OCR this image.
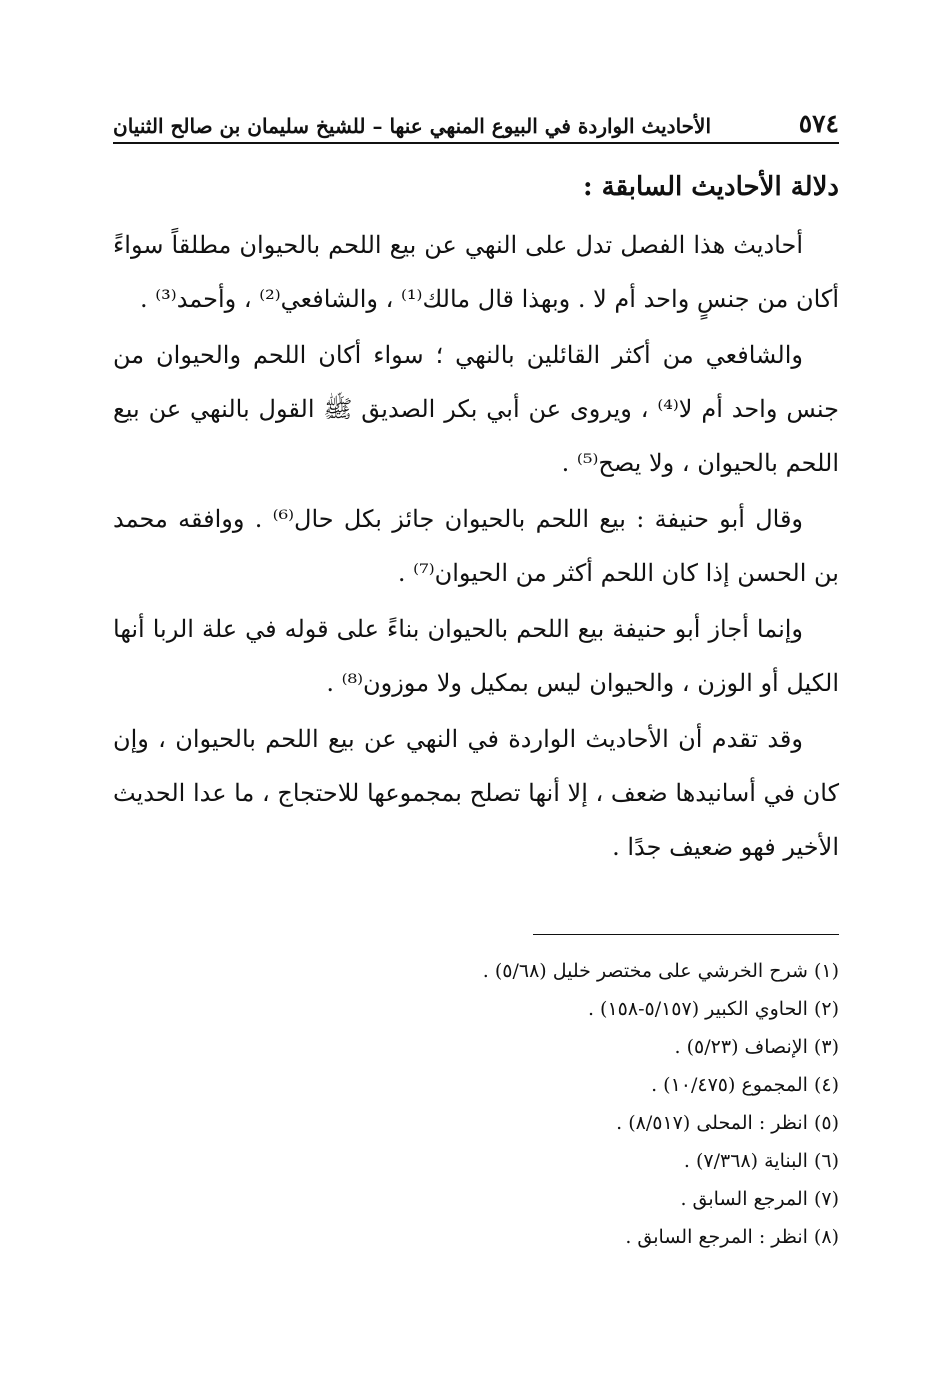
٥٧٤
الأحاديث الواردة في البيوع المنهي عنها – للشيخ سليمان بن صالح الثنيان
دلالة الأحاديث السابقة :

أحاديث هذا الفصل تدل على النهي عن بيع اللحم بالحيوان مطلقاً سواءً أكان من جنسٍ واحد أم لا . وبهذا قال مالك⁽¹⁾ ، والشافعي⁽²⁾ ، وأحمد⁽³⁾ .

والشافعي من أكثر القائلين بالنهي ؛ سواء أكان اللحم والحيوان من جنس واحد أم لا⁽⁴⁾ ، ويروى عن أبي بكر الصديق ﷺ القول بالنهي عن بيع اللحم بالحيوان ، ولا يصح⁽⁵⁾ .

وقال أبو حنيفة : بيع اللحم بالحيوان جائز بكل حال⁽⁶⁾ . ووافقه محمد بن الحسن إذا كان اللحم أكثر من الحيوان⁽⁷⁾ .

وإنما أجاز أبو حنيفة بيع اللحم بالحيوان بناءً على قوله في علة الربا أنها الكيل أو الوزن ، والحيوان ليس بمكيل ولا موزون⁽⁸⁾ .

وقد تقدم أن الأحاديث الواردة في النهي عن بيع اللحم بالحيوان ، وإن كان في أسانيدها ضعف ، إلا أنها تصلح بمجموعها للاحتجاج ، ما عدا الحديث الأخير فهو ضعيف جدًا .

(١) شرح الخرشي على مختصر خليل (٥/٦٨) .

(٢) الحاوي الكبير (٥/١٥٧-١٥٨) .

(٣) الإنصاف (٥/٢٣) .

(٤) المجموع (١٠/٤٧٥) .

(٥) انظر : المحلى (٨/٥١٧) .

(٦) البناية (٧/٣٦٨) .

(٧) المرجع السابق .

(٨) انظر : المرجع السابق .
